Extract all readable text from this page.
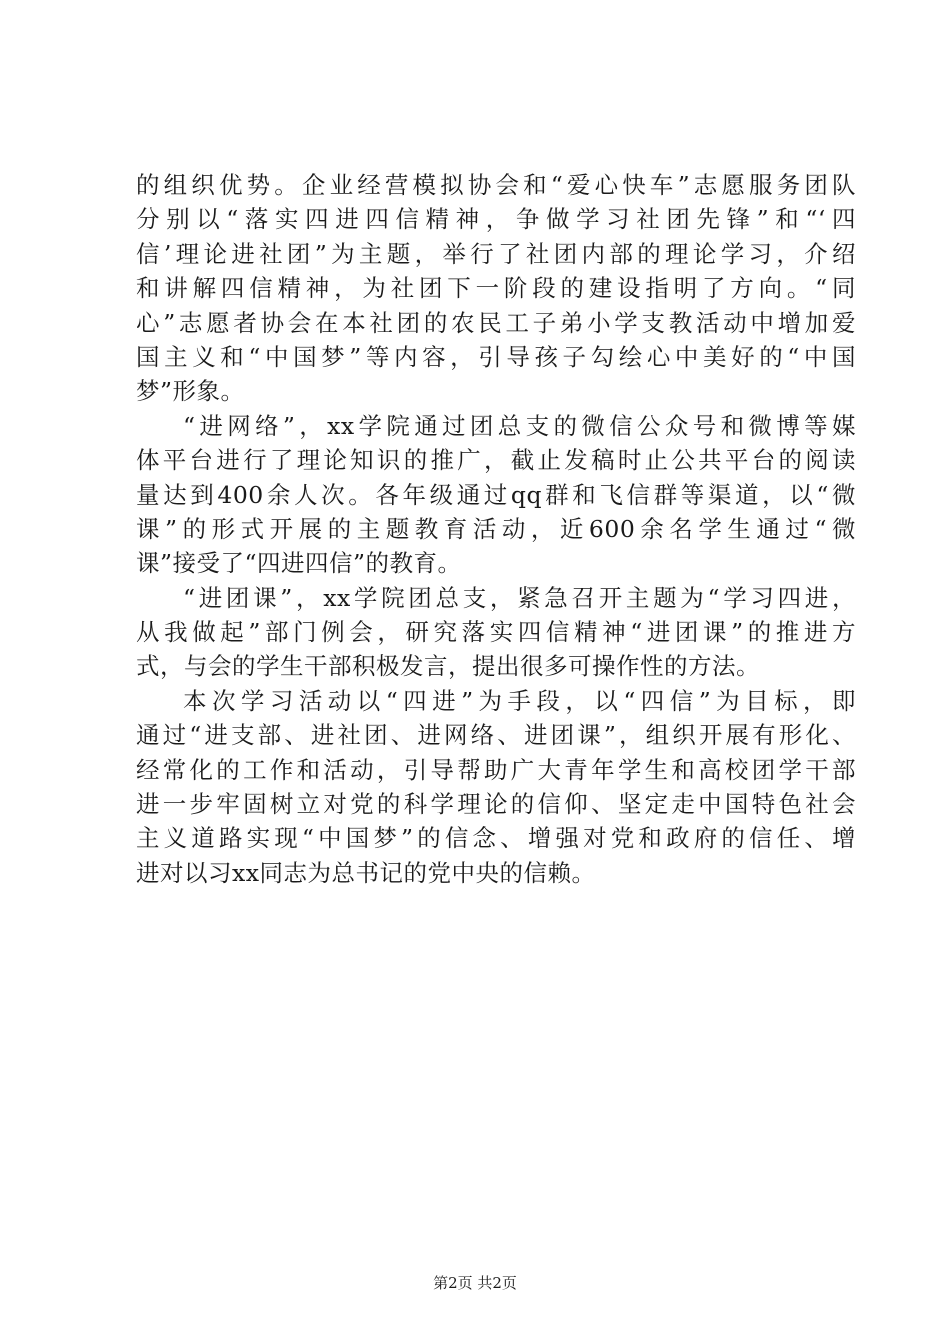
的组织优势。企业经营模拟协会和“爱心快车”志愿服务团队
分别以“落实四进四信精神，争做学习社团先锋”和“‘四
信’理论进社团”为主题，举行了社团内部的理论学习，介绍
和讲解四信精神，为社团下一阶段的建设指明了方向。“同
心”志愿者协会在本社团的农民工子弟小学支教活动中增加爱
国主义和“中国梦”等内容，引导孩子勾绘心中美好的“中国
梦”形象。
“进网络”，xx学院通过团总支的微信公众号和微博等媒
体平台进行了理论知识的推广，截止发稿时止公共平台的阅读
量达到400余人次。各年级通过qq群和飞信群等渠道，以“微
课”的形式开展的主题教育活动，近600余名学生通过“微
课”接受了“四进四信”的教育。
“进团课”，xx学院团总支，紧急召开主题为“学习四进，
从我做起”部门例会，研究落实四信精神“进团课”的推进方
式，与会的学生干部积极发言，提出很多可操作性的方法。
本次学习活动以“四进”为手段，以“四信”为目标，即
通过“进支部、进社团、进网络、进团课”，组织开展有形化、
经常化的工作和活动，引导帮助广大青年学生和高校团学干部
进一步牢固树立对党的科学理论的信仰、坚定走中国特色社会
主义道路实现“中国梦”的信念、增强对党和政府的信任、增
进对以习xx同志为总书记的党中央的信赖。
第2页 共2页
